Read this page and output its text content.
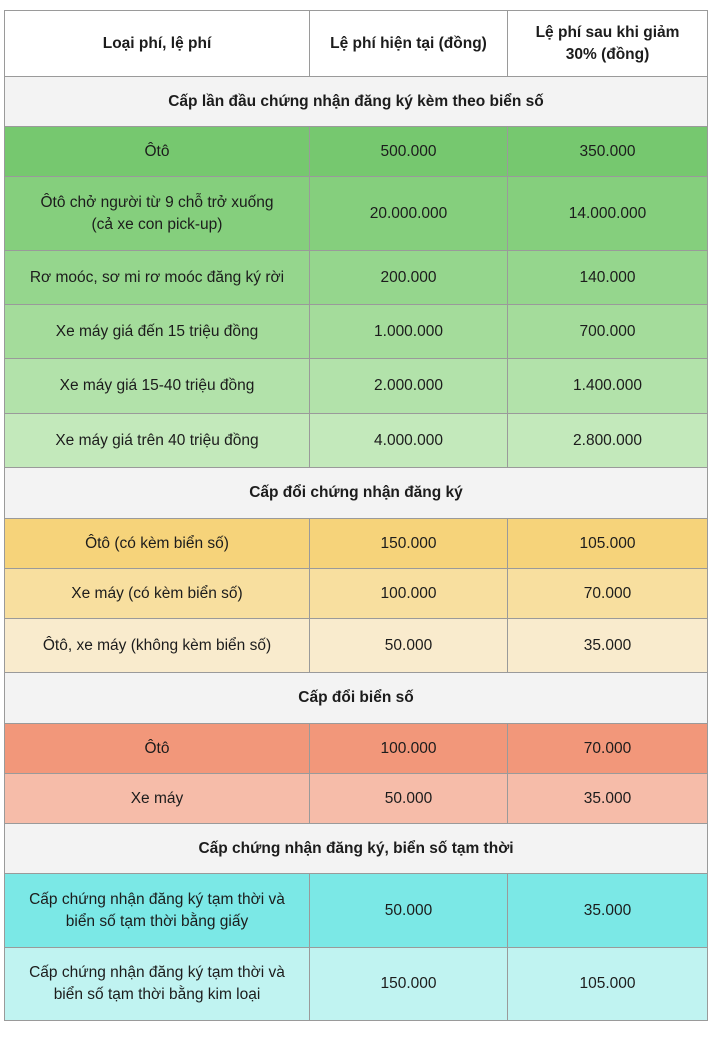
Loại phí, lệ phí	Lệ phí hiện tại (đồng)	Lệ phí sau khi giảm 30% (đồng)
Cấp lần đầu chứng nhận đăng ký kèm theo biển số		
Ôtô	500.000	350.000
Ôtô chở người từ 9 chỗ trở xuống (cả xe con pick-up)	20.000.000	14.000.000
Rơ moóc, sơ mi rơ moóc đăng ký rời	200.000	140.000
Xe máy giá đến 15 triệu đồng	1.000.000	700.000
Xe máy giá 15-40 triệu đồng	2.000.000	1.400.000
Xe máy giá trên 40 triệu đồng	4.000.000	2.800.000
Cấp đổi chứng nhận đăng ký		
Ôtô (có kèm biển số)	150.000	105.000
Xe máy (có kèm biển số)	100.000	70.000
Ôtô, xe máy (không kèm biển số)	50.000	35.000
Cấp đổi biển số		
Ôtô	100.000	70.000
Xe máy	50.000	35.000
Cấp chứng nhận đăng ký, biển số tạm thời		
Cấp chứng nhận đăng ký tạm thời và biển số tạm thời bằng giấy	50.000	35.000
Cấp chứng nhận đăng ký tạm thời và biển số tạm thời bằng kim loại	150.000	105.000
